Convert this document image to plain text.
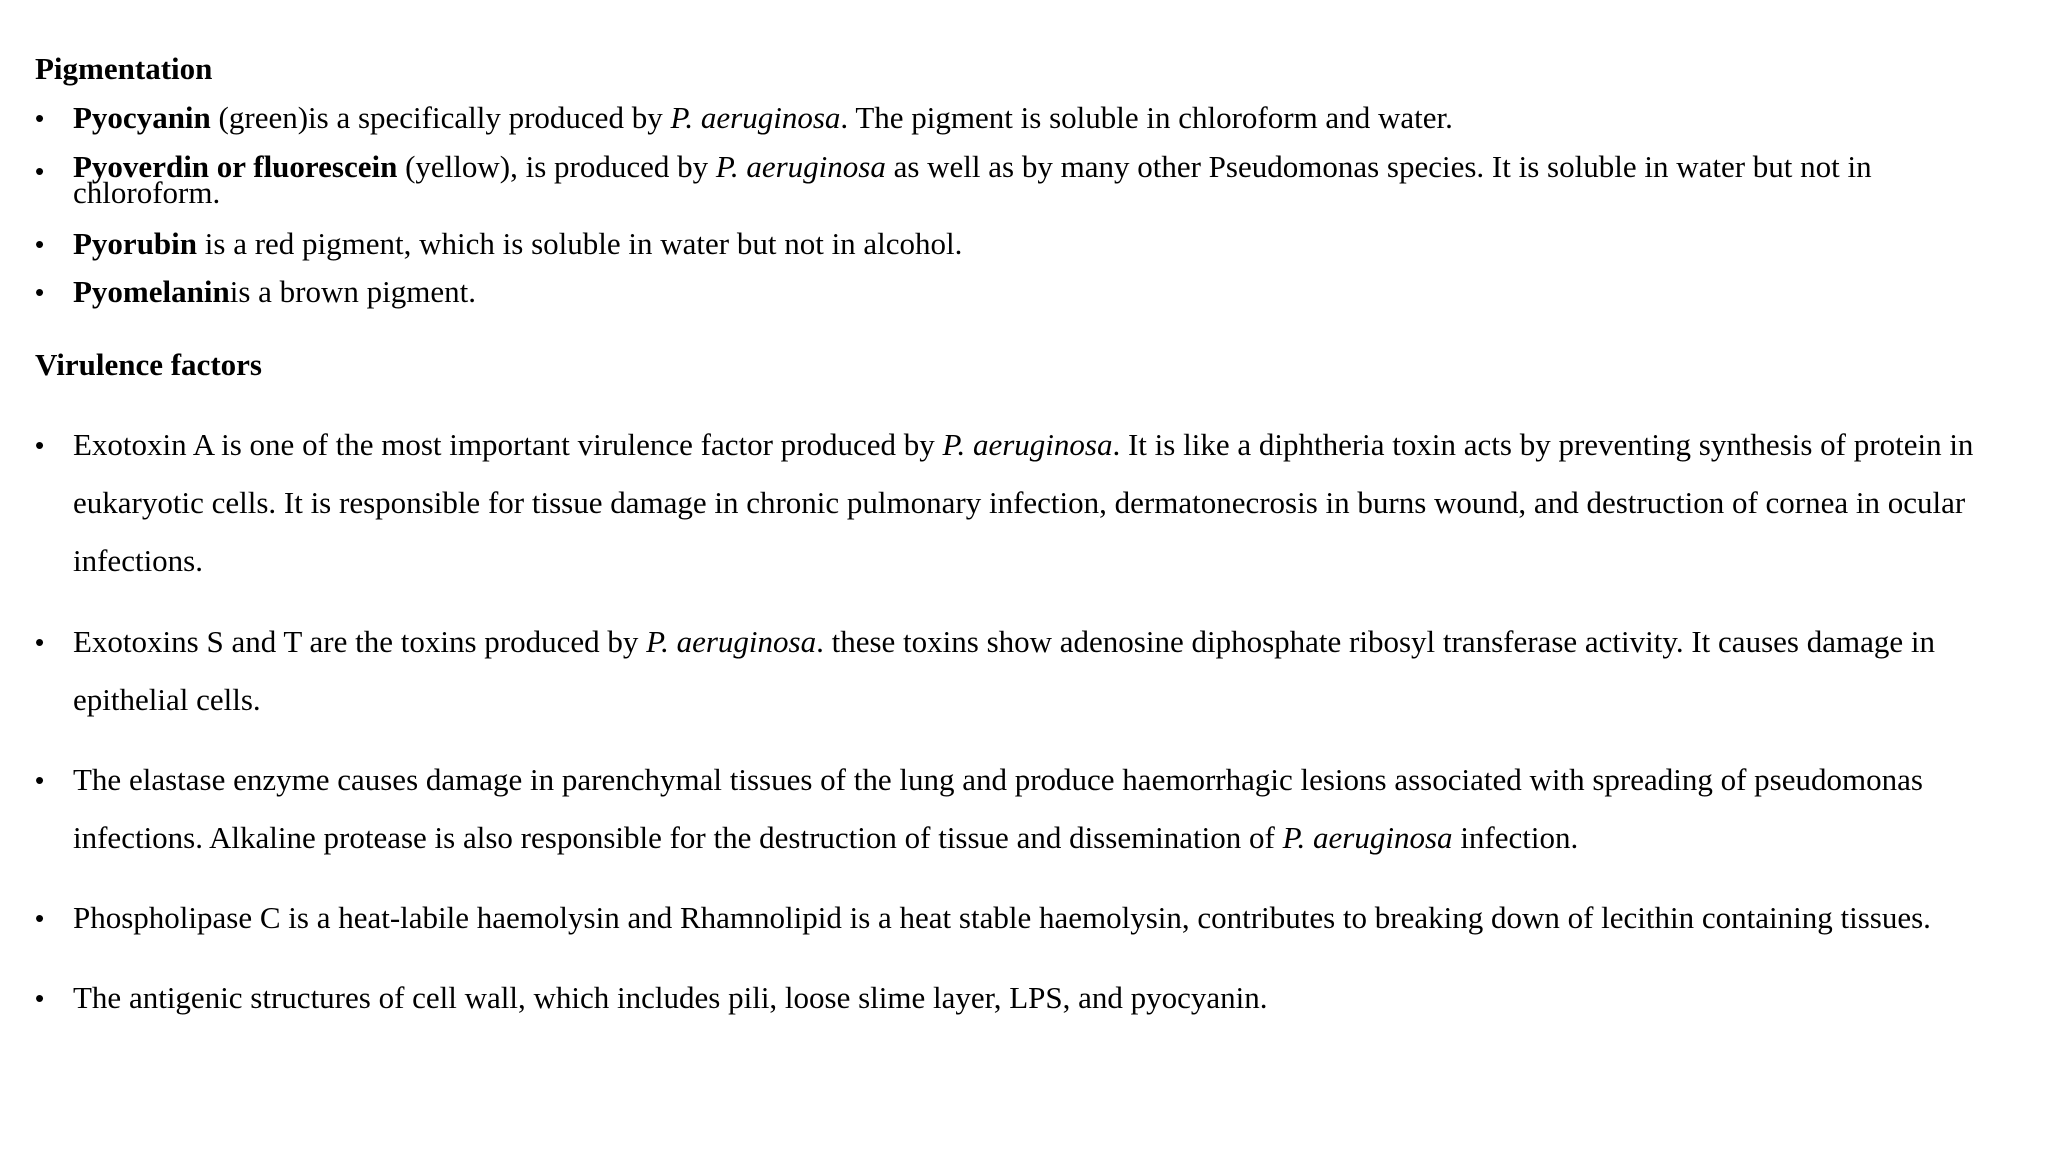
Pigmentation
• Pyocyanin (green)is a specifically produced by P. aeruginosa. The pigment is soluble in chloroform and water.
• Pyoverdin or fluorescein (yellow), is produced by P. aeruginosa as well as by many other Pseudomonas species. It is soluble in water but not in chloroform.
• Pyorubin is a red pigment, which is soluble in water but not in alcohol.
• Pyomelaninis a brown pigment.
Virulence factors
• Exotoxin A is one of the most important virulence factor produced by P. aeruginosa. It is like a diphtheria toxin acts by preventing synthesis of protein in eukaryotic cells. It is responsible for tissue damage in chronic pulmonary infection, dermatonecrosis in burns wound, and destruction of cornea in ocular infections.
• Exotoxins S and T are the toxins produced by P. aeruginosa. these toxins show adenosine diphosphate ribosyl transferase activity. It causes damage in epithelial cells.
• The elastase enzyme causes damage in parenchymal tissues of the lung and produce haemorrhagic lesions associated with spreading of pseudomonas infections. Alkaline protease is also responsible for the destruction of tissue and dissemination of P. aeruginosa infection.
• Phospholipase C is a heat-labile haemolysin and Rhamnolipid is a heat stable haemolysin, contributes to breaking down of lecithin containing tissues.
• The antigenic structures of cell wall, which includes pili, loose slime layer, LPS, and pyocyanin.
